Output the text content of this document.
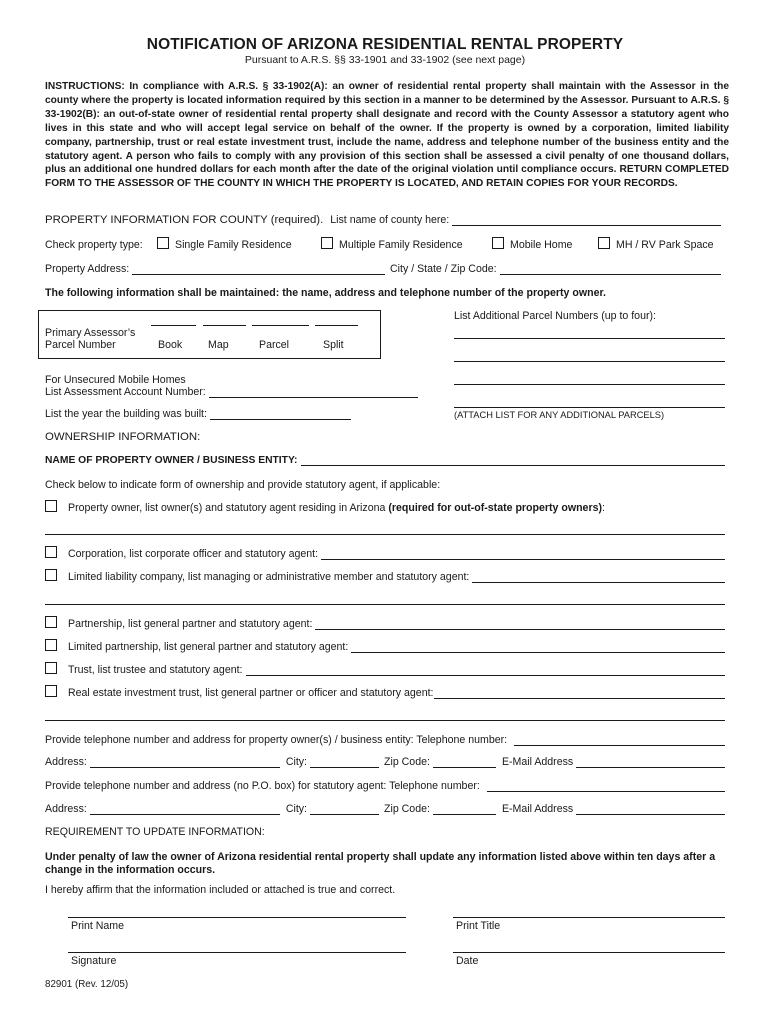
NOTIFICATION OF ARIZONA RESIDENTIAL RENTAL PROPERTY
Pursuant to A.R.S. §§ 33-1901 and 33-1902 (see next page)
INSTRUCTIONS: In compliance with A.R.S. § 33-1902(A): an owner of residential rental property shall maintain with the Assessor in the county where the property is located information required by this section in a manner to be determined by the Assessor. Pursuant to A.R.S. § 33-1902(B): an out-of-state owner of residential rental property shall designate and record with the County Assessor a statutory agent who lives in this state and who will accept legal service on behalf of the owner. If the property is owned by a corporation, limited liability company, partnership, trust or real estate investment trust, include the name, address and telephone number of the business entity and the statutory agent. A person who fails to comply with any provision of this section shall be assessed a civil penalty of one thousand dollars, plus an additional one hundred dollars for each month after the date of the original violation until compliance occurs. RETURN COMPLETED FORM TO THE ASSESSOR OF THE COUNTY IN WHICH THE PROPERTY IS LOCATED, AND RETAIN COPIES FOR YOUR RECORDS.
PROPERTY INFORMATION FOR COUNTY (required). List name of county here:
Check property type:	Single Family Residence	Multiple Family Residence	Mobile Home	MH / RV Park Space
Property Address:	City / State / Zip Code:
The following information shall be maintained: the name, address and telephone number of the property owner.
Primary Assessor’s
Parcel Number	Book Map	Parcel	Split
List Additional Parcel Numbers (up to four):
(ATTACH LIST FOR ANY ADDITIONAL PARCELS)
For Unsecured Mobile Homes
List Assessment Account Number:
List the year the building was built:
OWNERSHIP INFORMATION:
NAME OF PROPERTY OWNER / BUSINESS ENTITY:
Check below to indicate form of ownership and provide statutory agent, if applicable:
Property owner, list owner(s) and statutory agent residing in Arizona (required for out-of-state property owners):
Corporation, list corporate officer and statutory agent:
Limited liability company, list managing or administrative member and statutory agent:
Partnership, list general partner and statutory agent:
Limited partnership, list general partner and statutory agent:
Trust, list trustee and statutory agent:
Real estate investment trust, list general partner or officer and statutory agent:
Provide telephone number and address for property owner(s) / business entity: Telephone number:
Address:	City:	Zip Code:	E-Mail Address
Provide telephone number and address (no P.O. box) for statutory agent: Telephone number:
Address:	City:	Zip Code:	E-Mail Address
REQUIREMENT TO UPDATE INFORMATION:
Under penalty of law the owner of Arizona residential rental property shall update any information listed above within ten days after a change in the information occurs.
I hereby affirm that the information included or attached is true and correct.
Print Name	Print Title
Signature	Date
82901 (Rev. 12/05)
